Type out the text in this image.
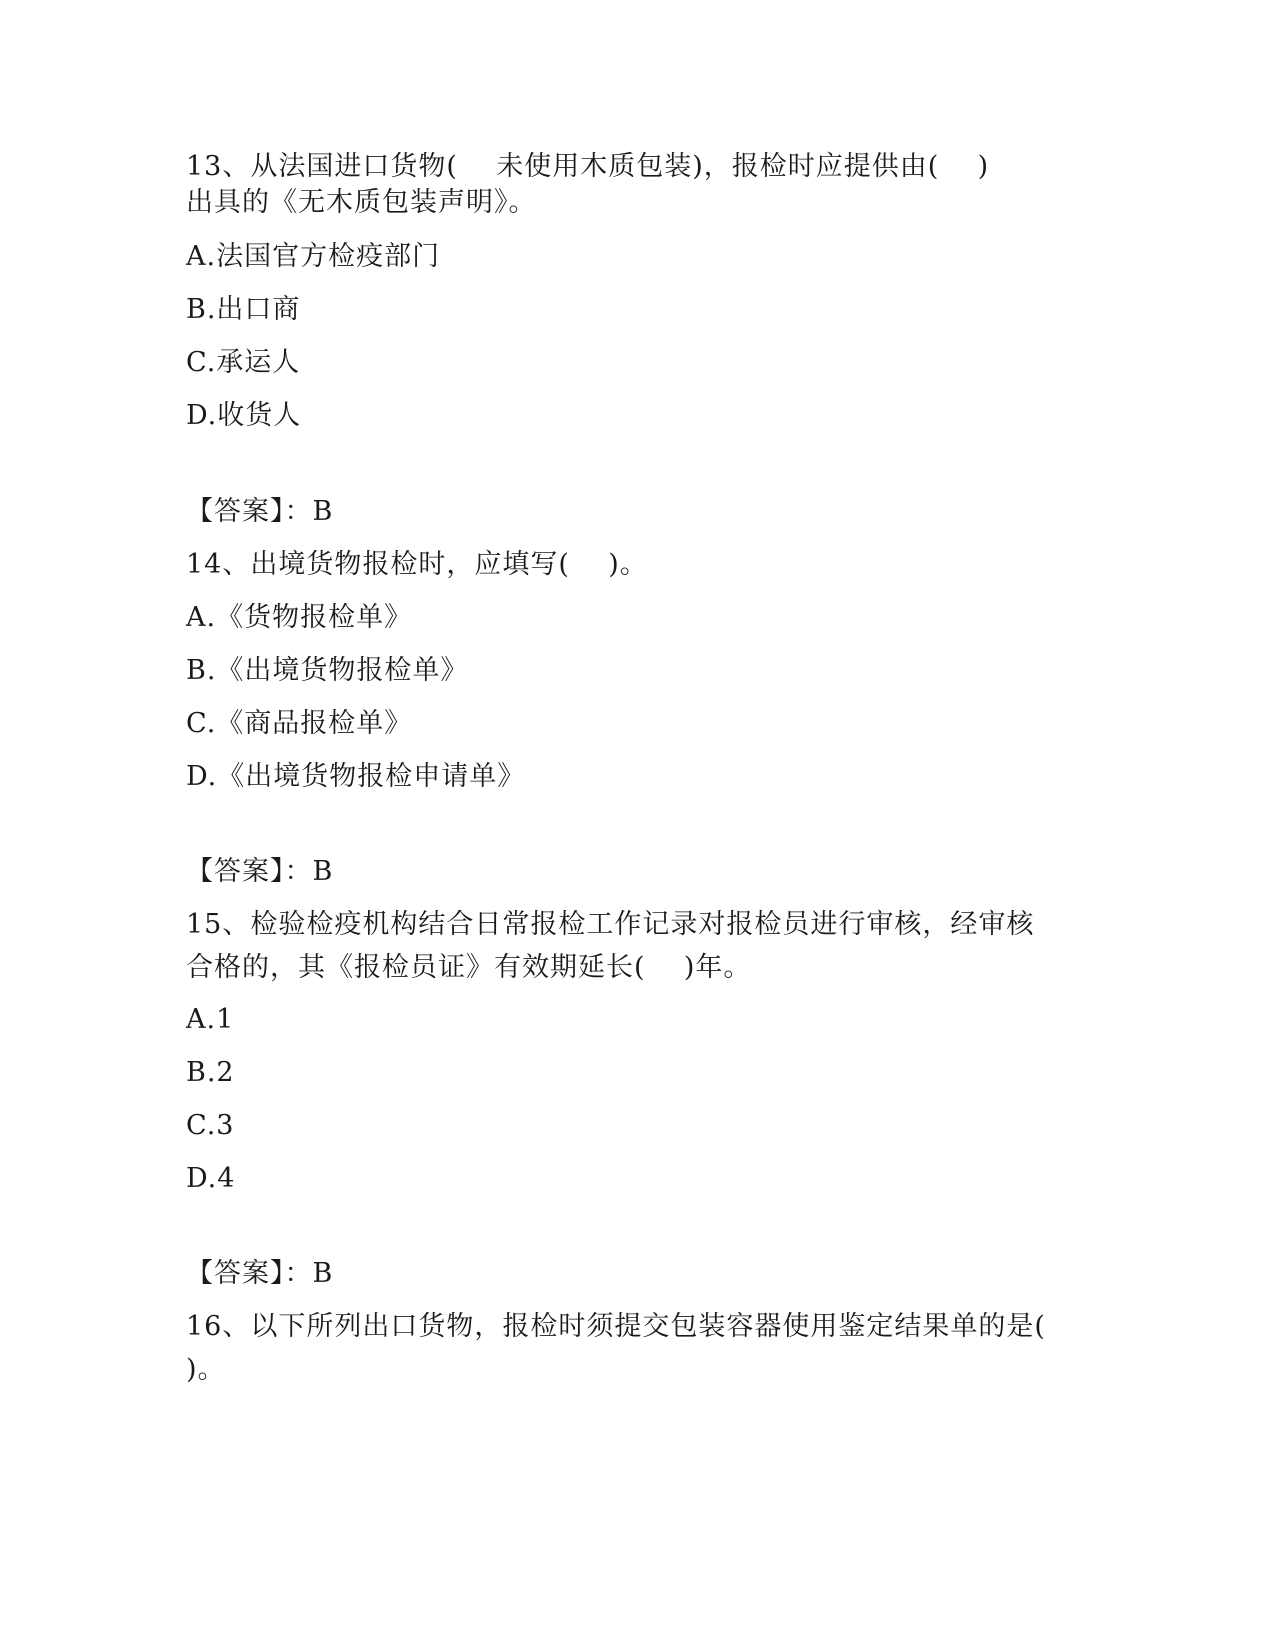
13、从法国进口货物(    未使用木质包装)，报检时应提供由(    )
出具的《无木质包装声明》。
A.法国官方检疫部门
B.出口商
C.承运人
D.收货人
【答案】：B
14、出境货物报检时，应填写(    )。
A.《货物报检单》
B.《出境货物报检单》
C.《商品报检单》
D.《出境货物报检申请单》
【答案】：B
15、检验检疫机构结合日常报检工作记录对报检员进行审核，经审核
合格的，其《报检员证》有效期延长(    )年。
A.1
B.2
C.3
D.4
【答案】：B
16、以下所列出口货物，报检时须提交包装容器使用鉴定结果单的是(
)。
